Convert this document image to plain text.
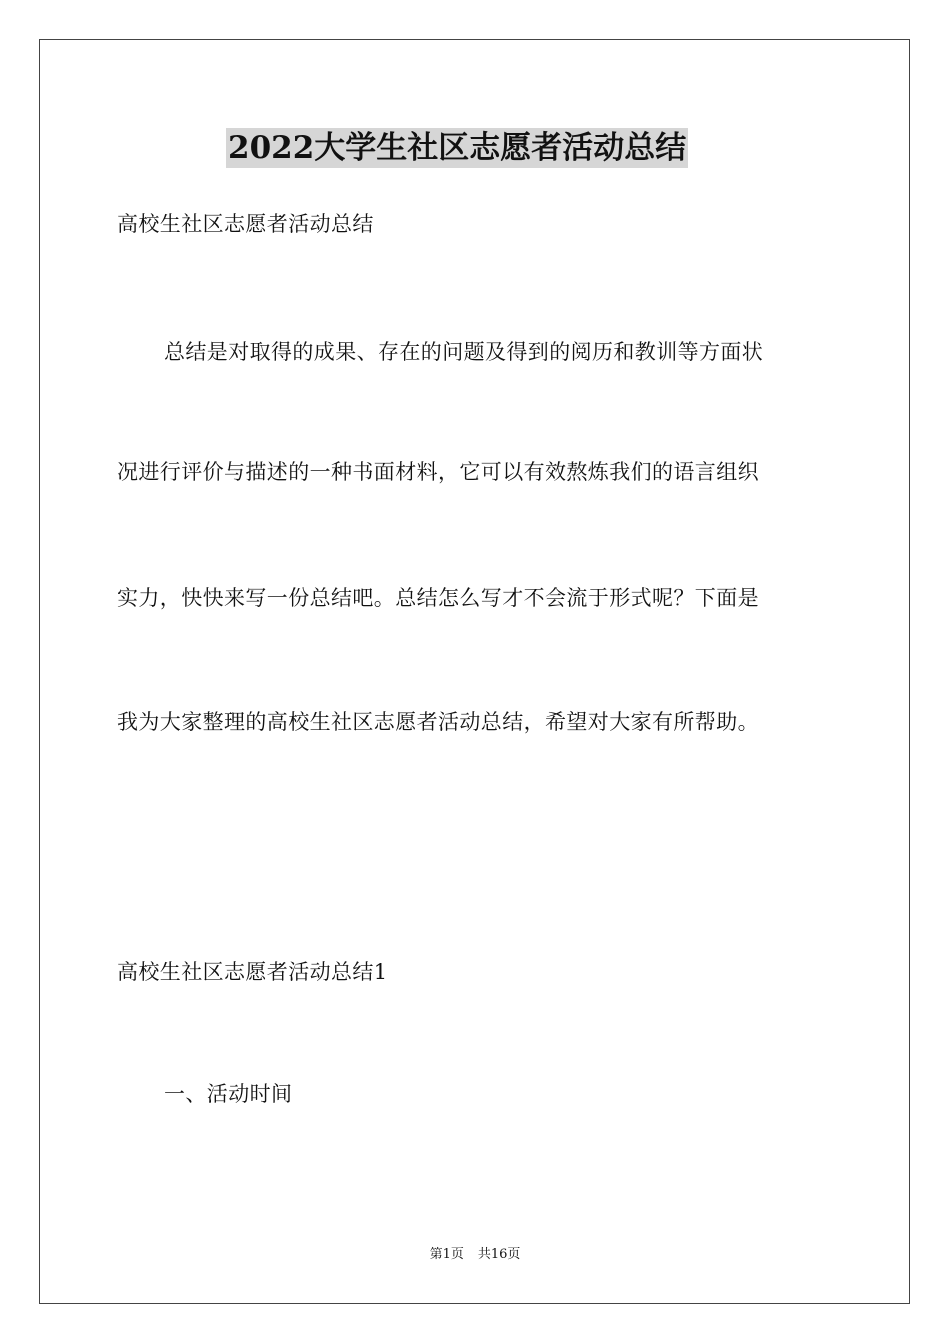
2022大学生社区志愿者活动总结
高校生社区志愿者活动总结
总结是对取得的成果、存在的问题及得到的阅历和教训等方面状
况进行评价与描述的一种书面材料，它可以有效熬炼我们的语言组织
实力，快快来写一份总结吧。总结怎么写才不会流于形式呢？下面是
我为大家整理的高校生社区志愿者活动总结，希望对大家有所帮助。
高校生社区志愿者活动总结1
一、活动时间
第1页 共16页
